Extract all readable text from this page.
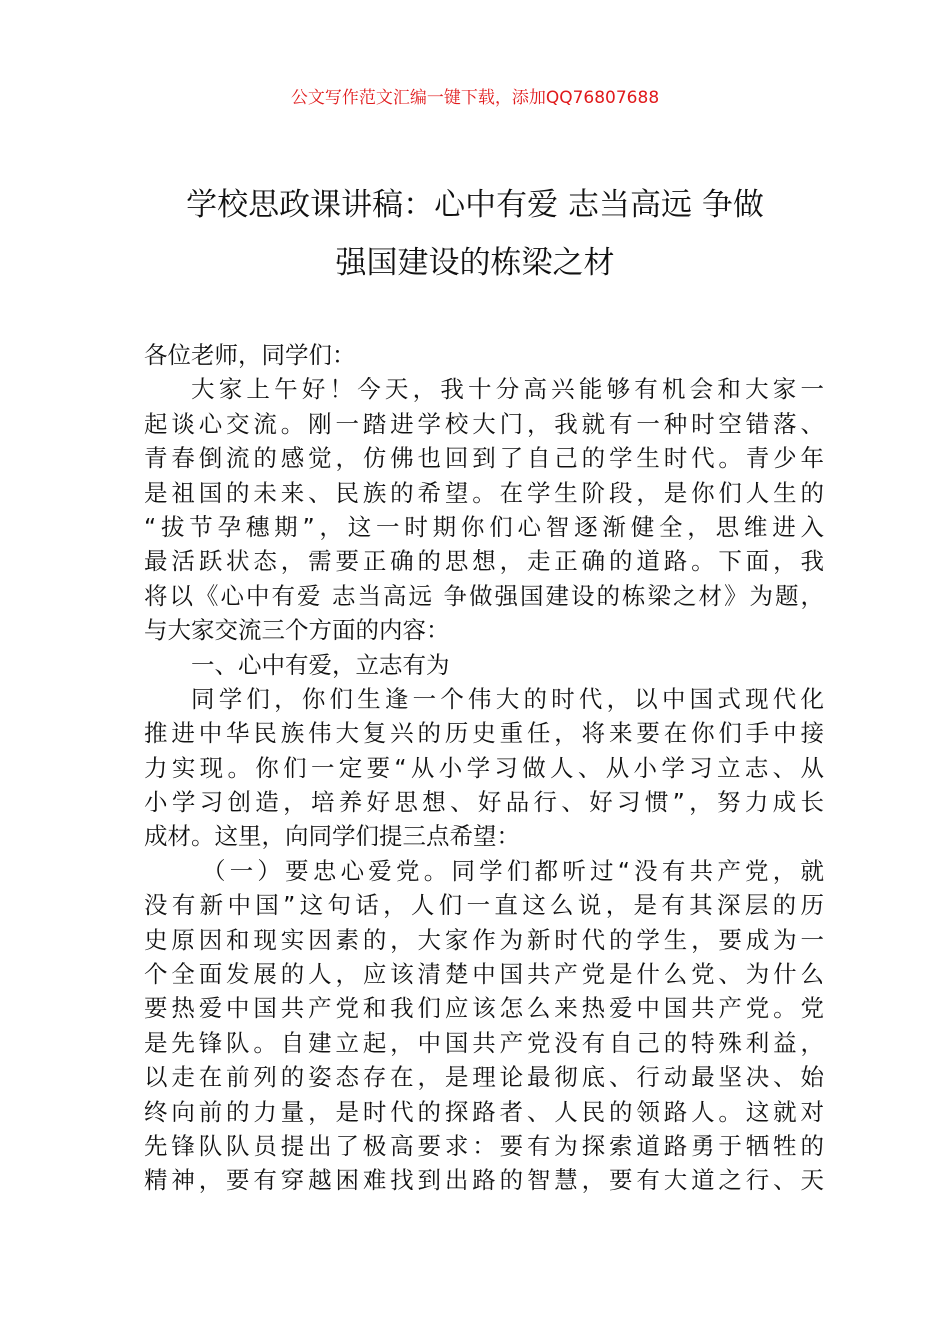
公文写作范文汇编一键下载，添加QQ76807688
学校思政课讲稿：心中有爱 志当高远 争做
强国建设的栋梁之材
各位老师，同学们：
大家上午好！今天，我十分高兴能够有机会和大家一
起谈心交流。刚一踏进学校大门，我就有一种时空错落、
青春倒流的感觉，仿佛也回到了自己的学生时代。青少年
是祖国的未来、民族的希望。在学生阶段，是你们人生的
“拔节孕穗期”，这一时期你们心智逐渐健全，思维进入
最活跃状态，需要正确的思想，走正确的道路。下面，我
将以《心中有爱 志当高远 争做强国建设的栋梁之材》为题，
与大家交流三个方面的内容：
一、心中有爱，立志有为
同学们，你们生逢一个伟大的时代，以中国式现代化
推进中华民族伟大复兴的历史重任，将来要在你们手中接
力实现。你们一定要“从小学习做人、从小学习立志、从
小学习创造，培养好思想、好品行、好习惯”，努力成长
成材。这里，向同学们提三点希望：
（一）要忠心爱党。同学们都听过“没有共产党，就
没有新中国”这句话，人们一直这么说，是有其深层的历
史原因和现实因素的，大家作为新时代的学生，要成为一
个全面发展的人，应该清楚中国共产党是什么党、为什么
要热爱中国共产党和我们应该怎么来热爱中国共产党。党
是先锋队。自建立起，中国共产党没有自己的特殊利益，
以走在前列的姿态存在，是理论最彻底、行动最坚决、始
终向前的力量，是时代的探路者、人民的领路人。这就对
先锋队队员提出了极高要求：要有为探索道路勇于牺牲的
精神，要有穿越困难找到出路的智慧，要有大道之行、天
